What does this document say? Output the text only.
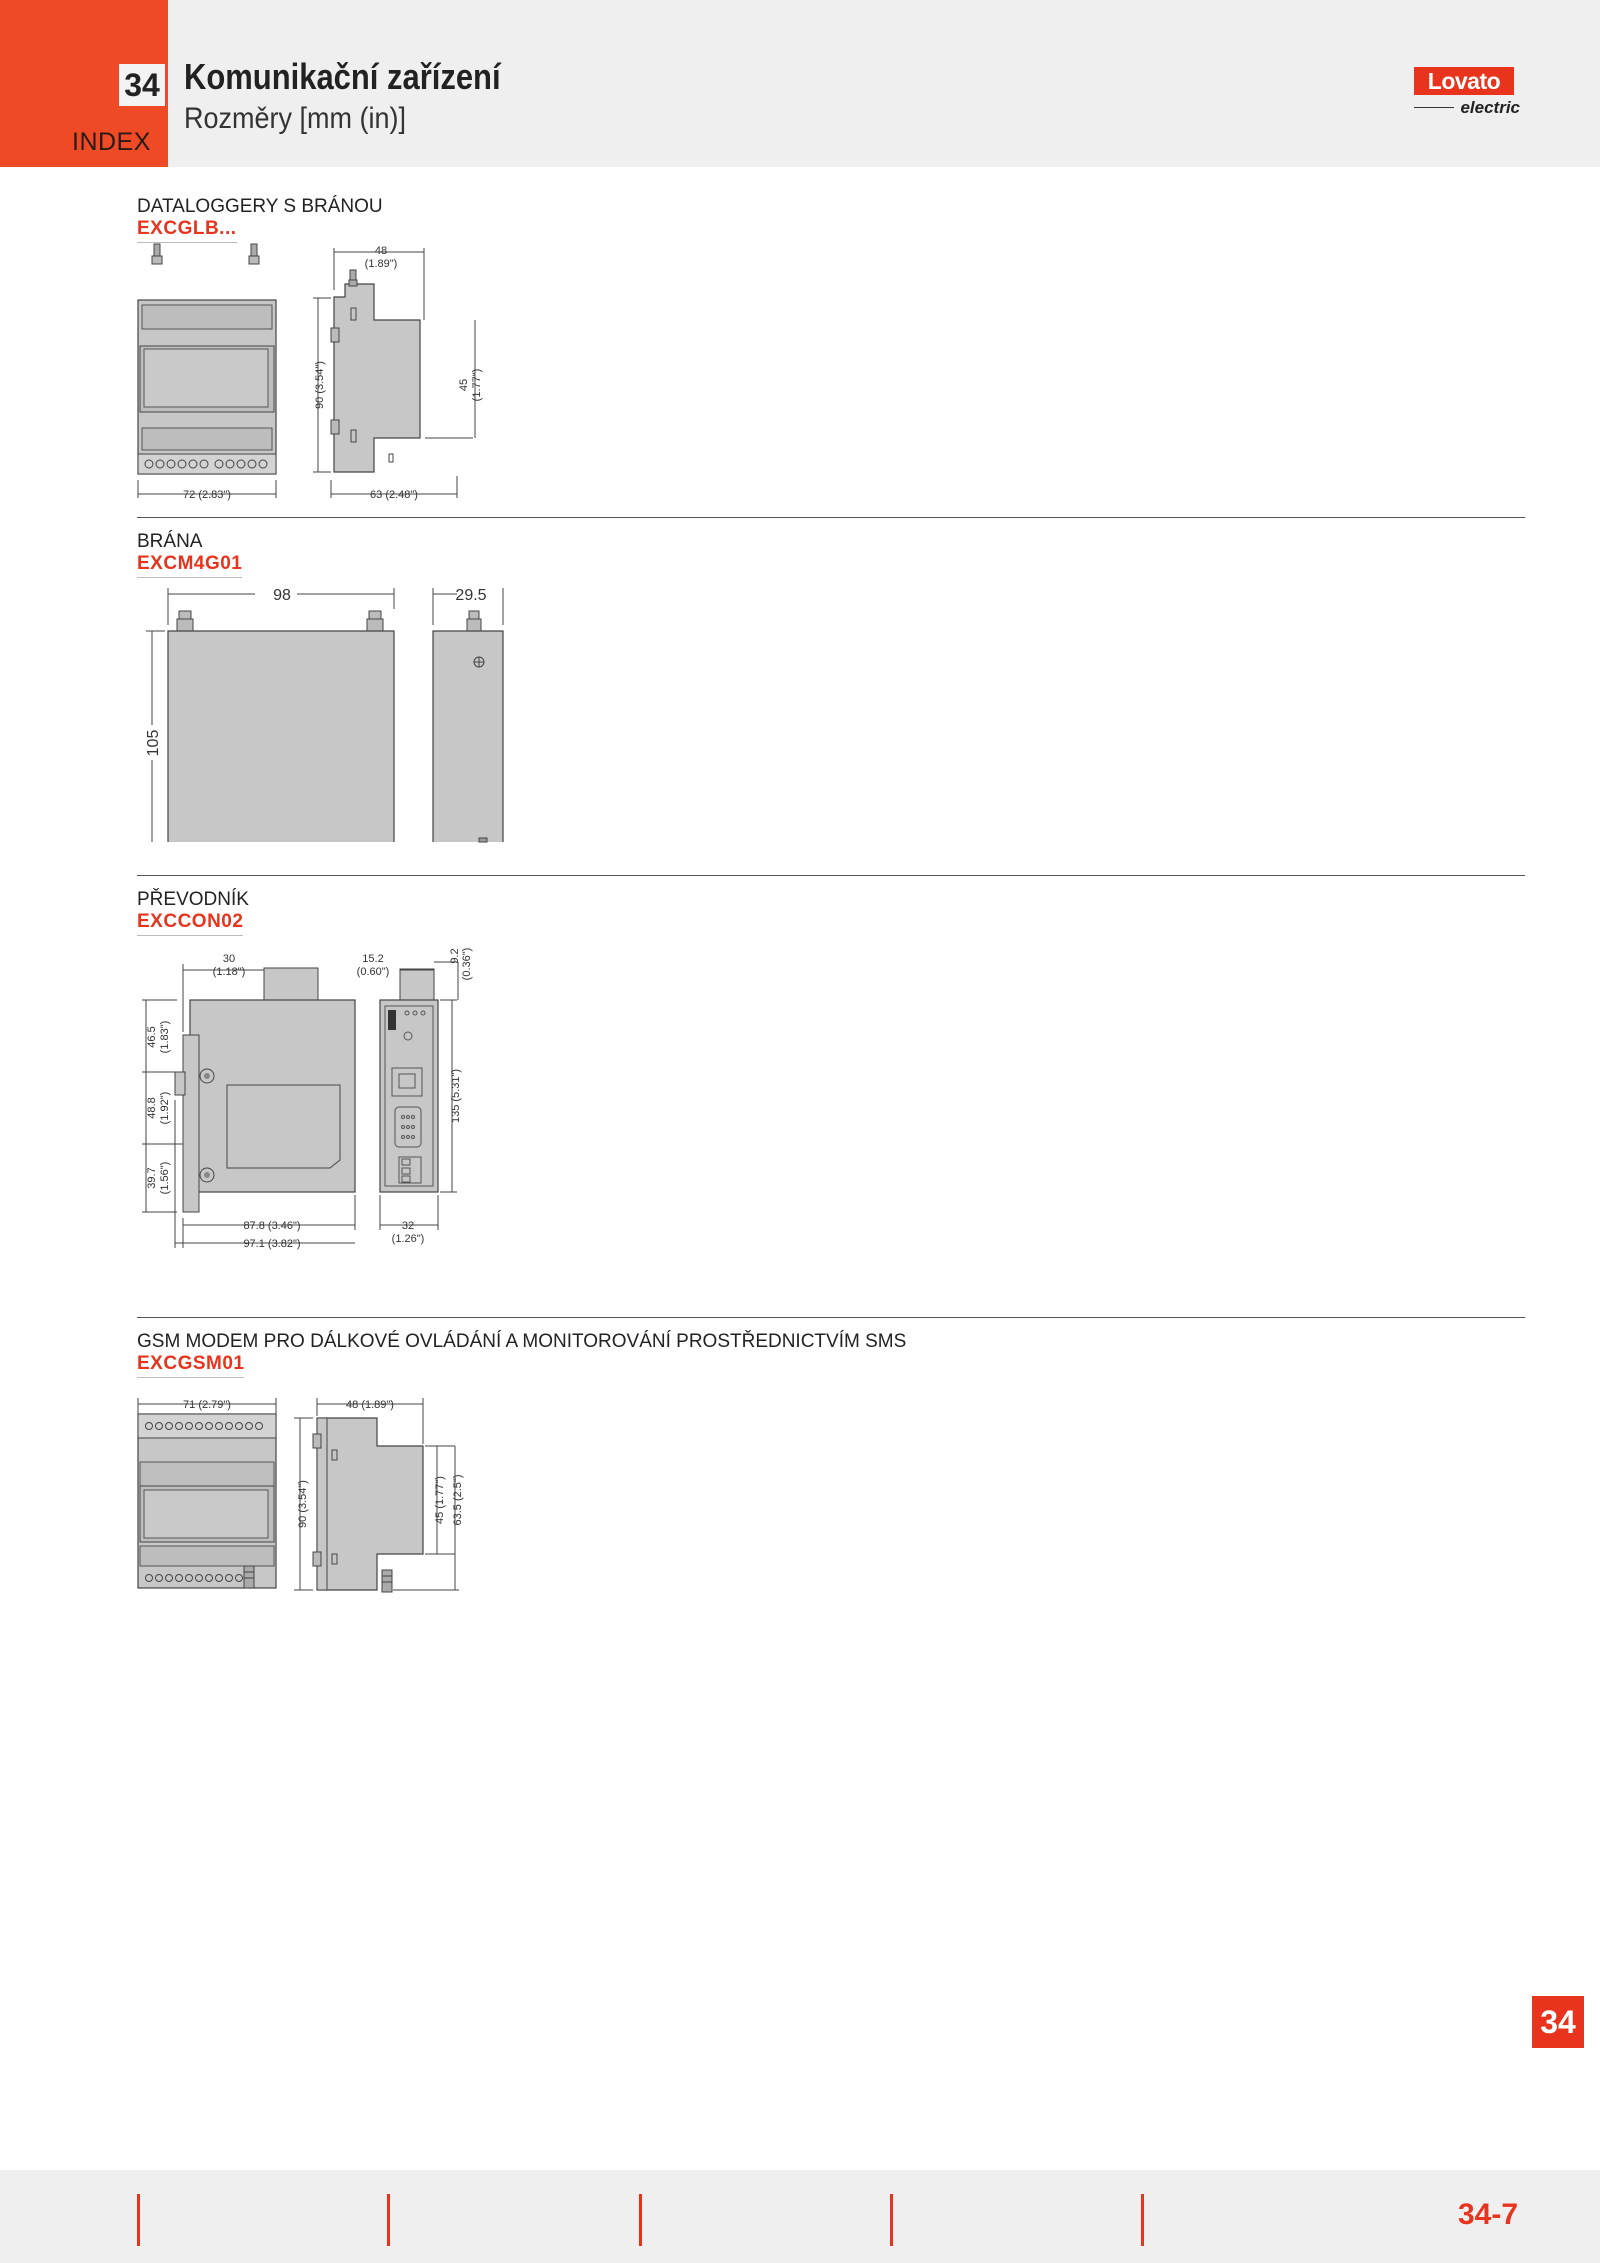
INDEX
34 Komunikační zařízení
Rozměry [mm (in)]
Lovato
electric
DATALOGGERY S BRÁNOU
EXCGLB...
48
(1.89")
90 (3.54")	45 (1.77")
72 (2.83")	63 (2.48")
BRÁNA
EXCM4G01
98	29.5
105
PŘEVODNÍK
EXCCON02
30
(1.18")
15.2
(0.60")
9.2 (0.36")
46.5 (1.83")
48.8 (1.92")
39.7 (1.56")
135 (5.31")
87.8 (3.46")
97.1 (3.82")
32
(1.26")
GSM MODEM PRO DÁLKOVÉ OVLÁDÁNÍ A MONITOROVÁNÍ PROSTŘEDNICTVÍM SMS
EXCGSM01
71 (2.79")	48 (1.89")
90 (3.54")	45 (1.77") 63.5 (2.5")
34
34-7
